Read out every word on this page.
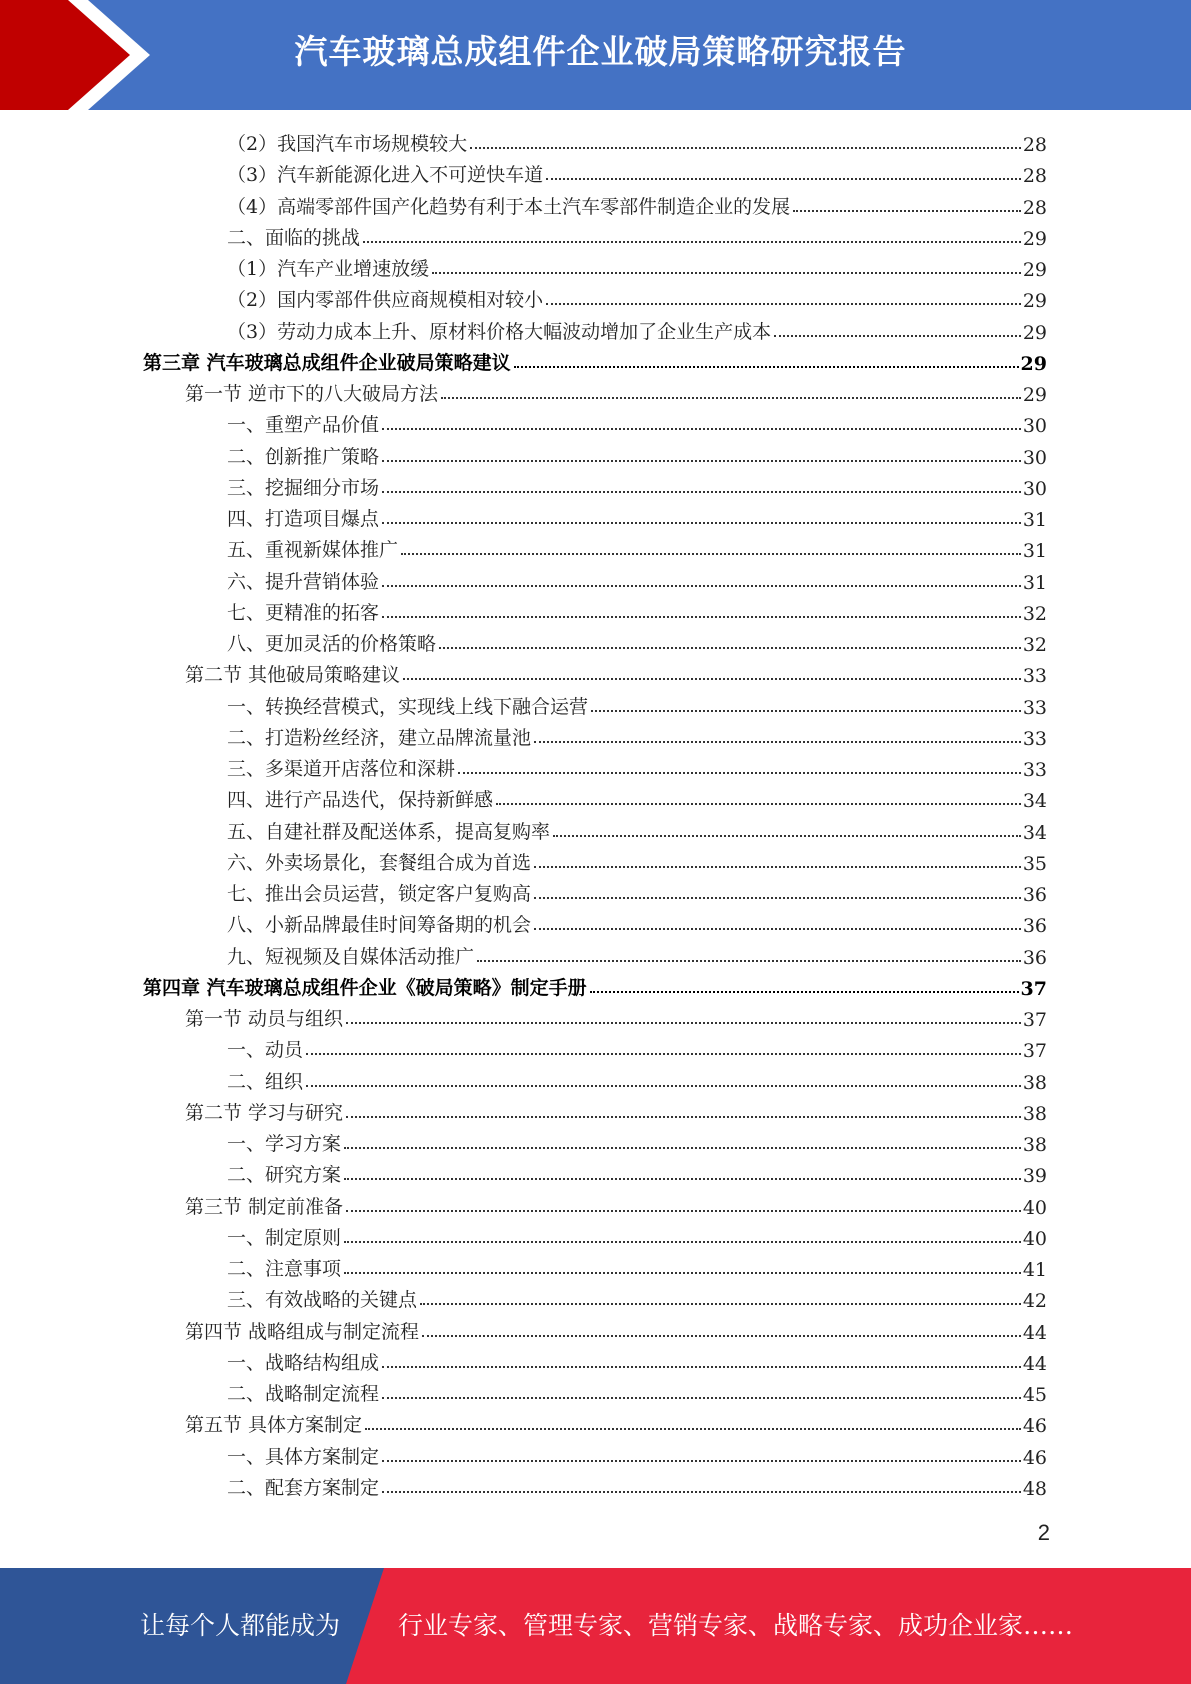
汽车玻璃总成组件企业破局策略研究报告
（2）我国汽车市场规模较大	28
（3）汽车新能源化进入不可逆快车道	28
（4）高端零部件国产化趋势有利于本土汽车零部件制造企业的发展	28
二、面临的挑战	29
（1）汽车产业增速放缓	29
（2）国内零部件供应商规模相对较小	29
（3）劳动力成本上升、原材料价格大幅波动增加了企业生产成本	29
第三章 汽车玻璃总成组件企业破局策略建议	29
第一节 逆市下的八大破局方法	29
一、重塑产品价值	30
二、创新推广策略	30
三、挖掘细分市场	30
四、打造项目爆点	31
五、重视新媒体推广	31
六、提升营销体验	31
七、更精准的拓客	32
八、更加灵活的价格策略	32
第二节 其他破局策略建议	33
一、转换经营模式，实现线上线下融合运营	33
二、打造粉丝经济，建立品牌流量池	33
三、多渠道开店落位和深耕	33
四、进行产品迭代，保持新鲜感	34
五、自建社群及配送体系，提高复购率	34
六、外卖场景化，套餐组合成为首选	35
七、推出会员运营，锁定客户复购高	36
八、小新品牌最佳时间筹备期的机会	36
九、短视频及自媒体活动推广	36
第四章 汽车玻璃总成组件企业《破局策略》制定手册	37
第一节 动员与组织	37
一、动员	37
二、组织	38
第二节 学习与研究	38
一、学习方案	38
二、研究方案	39
第三节 制定前准备	40
一、制定原则	40
二、注意事项	41
三、有效战略的关键点	42
第四节 战略组成与制定流程	44
一、战略结构组成	44
二、战略制定流程	45
第五节 具体方案制定	46
一、具体方案制定	46
二、配套方案制定	48
2
让每个人都能成为 行业专家、管理专家、营销专家、战略专家、成功企业家……
